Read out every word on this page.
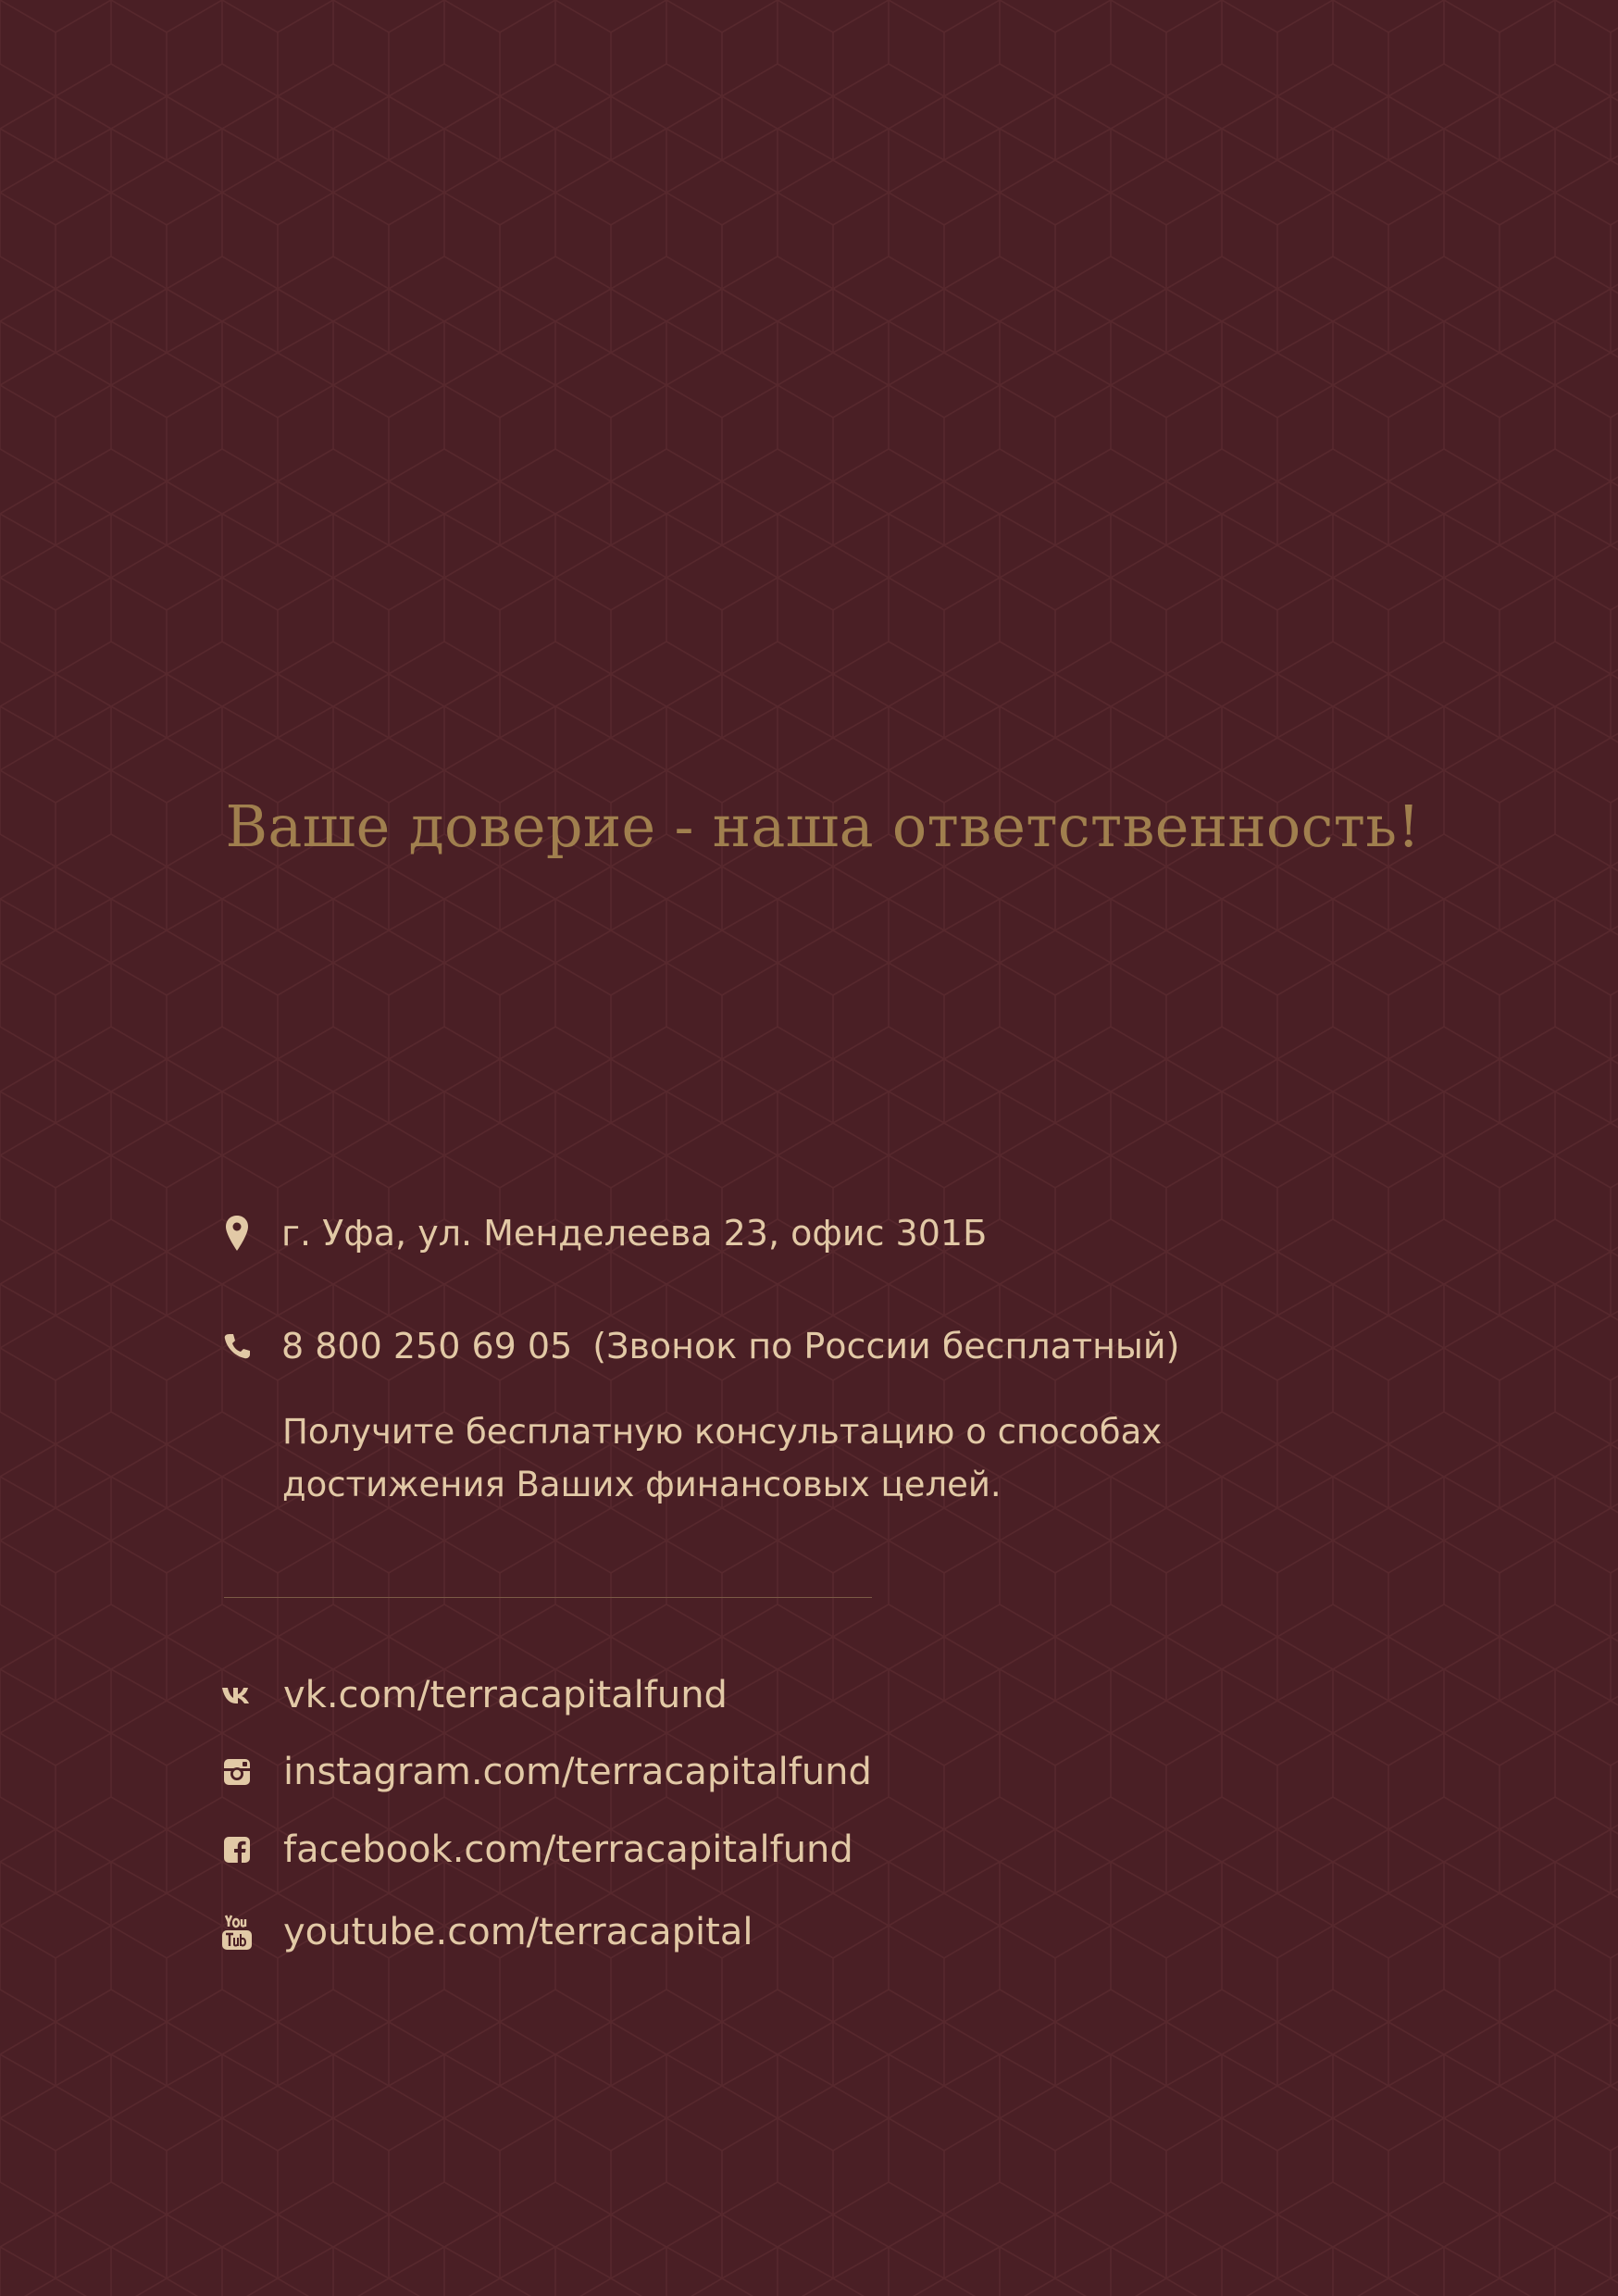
Ваше доверие - наша ответственность!
г. Уфа, ул. Менделеева 23, офис 301Б
8 800 250 69 05 (Звонок по России бесплатный)
Получите бесплатную консультацию о способах
достижения Ваших финансовых целей.
vk.com/terracapitalfund
instagram.com/terracapitalfund
facebook.com/terracapitalfund
youtube.com/terracapital
